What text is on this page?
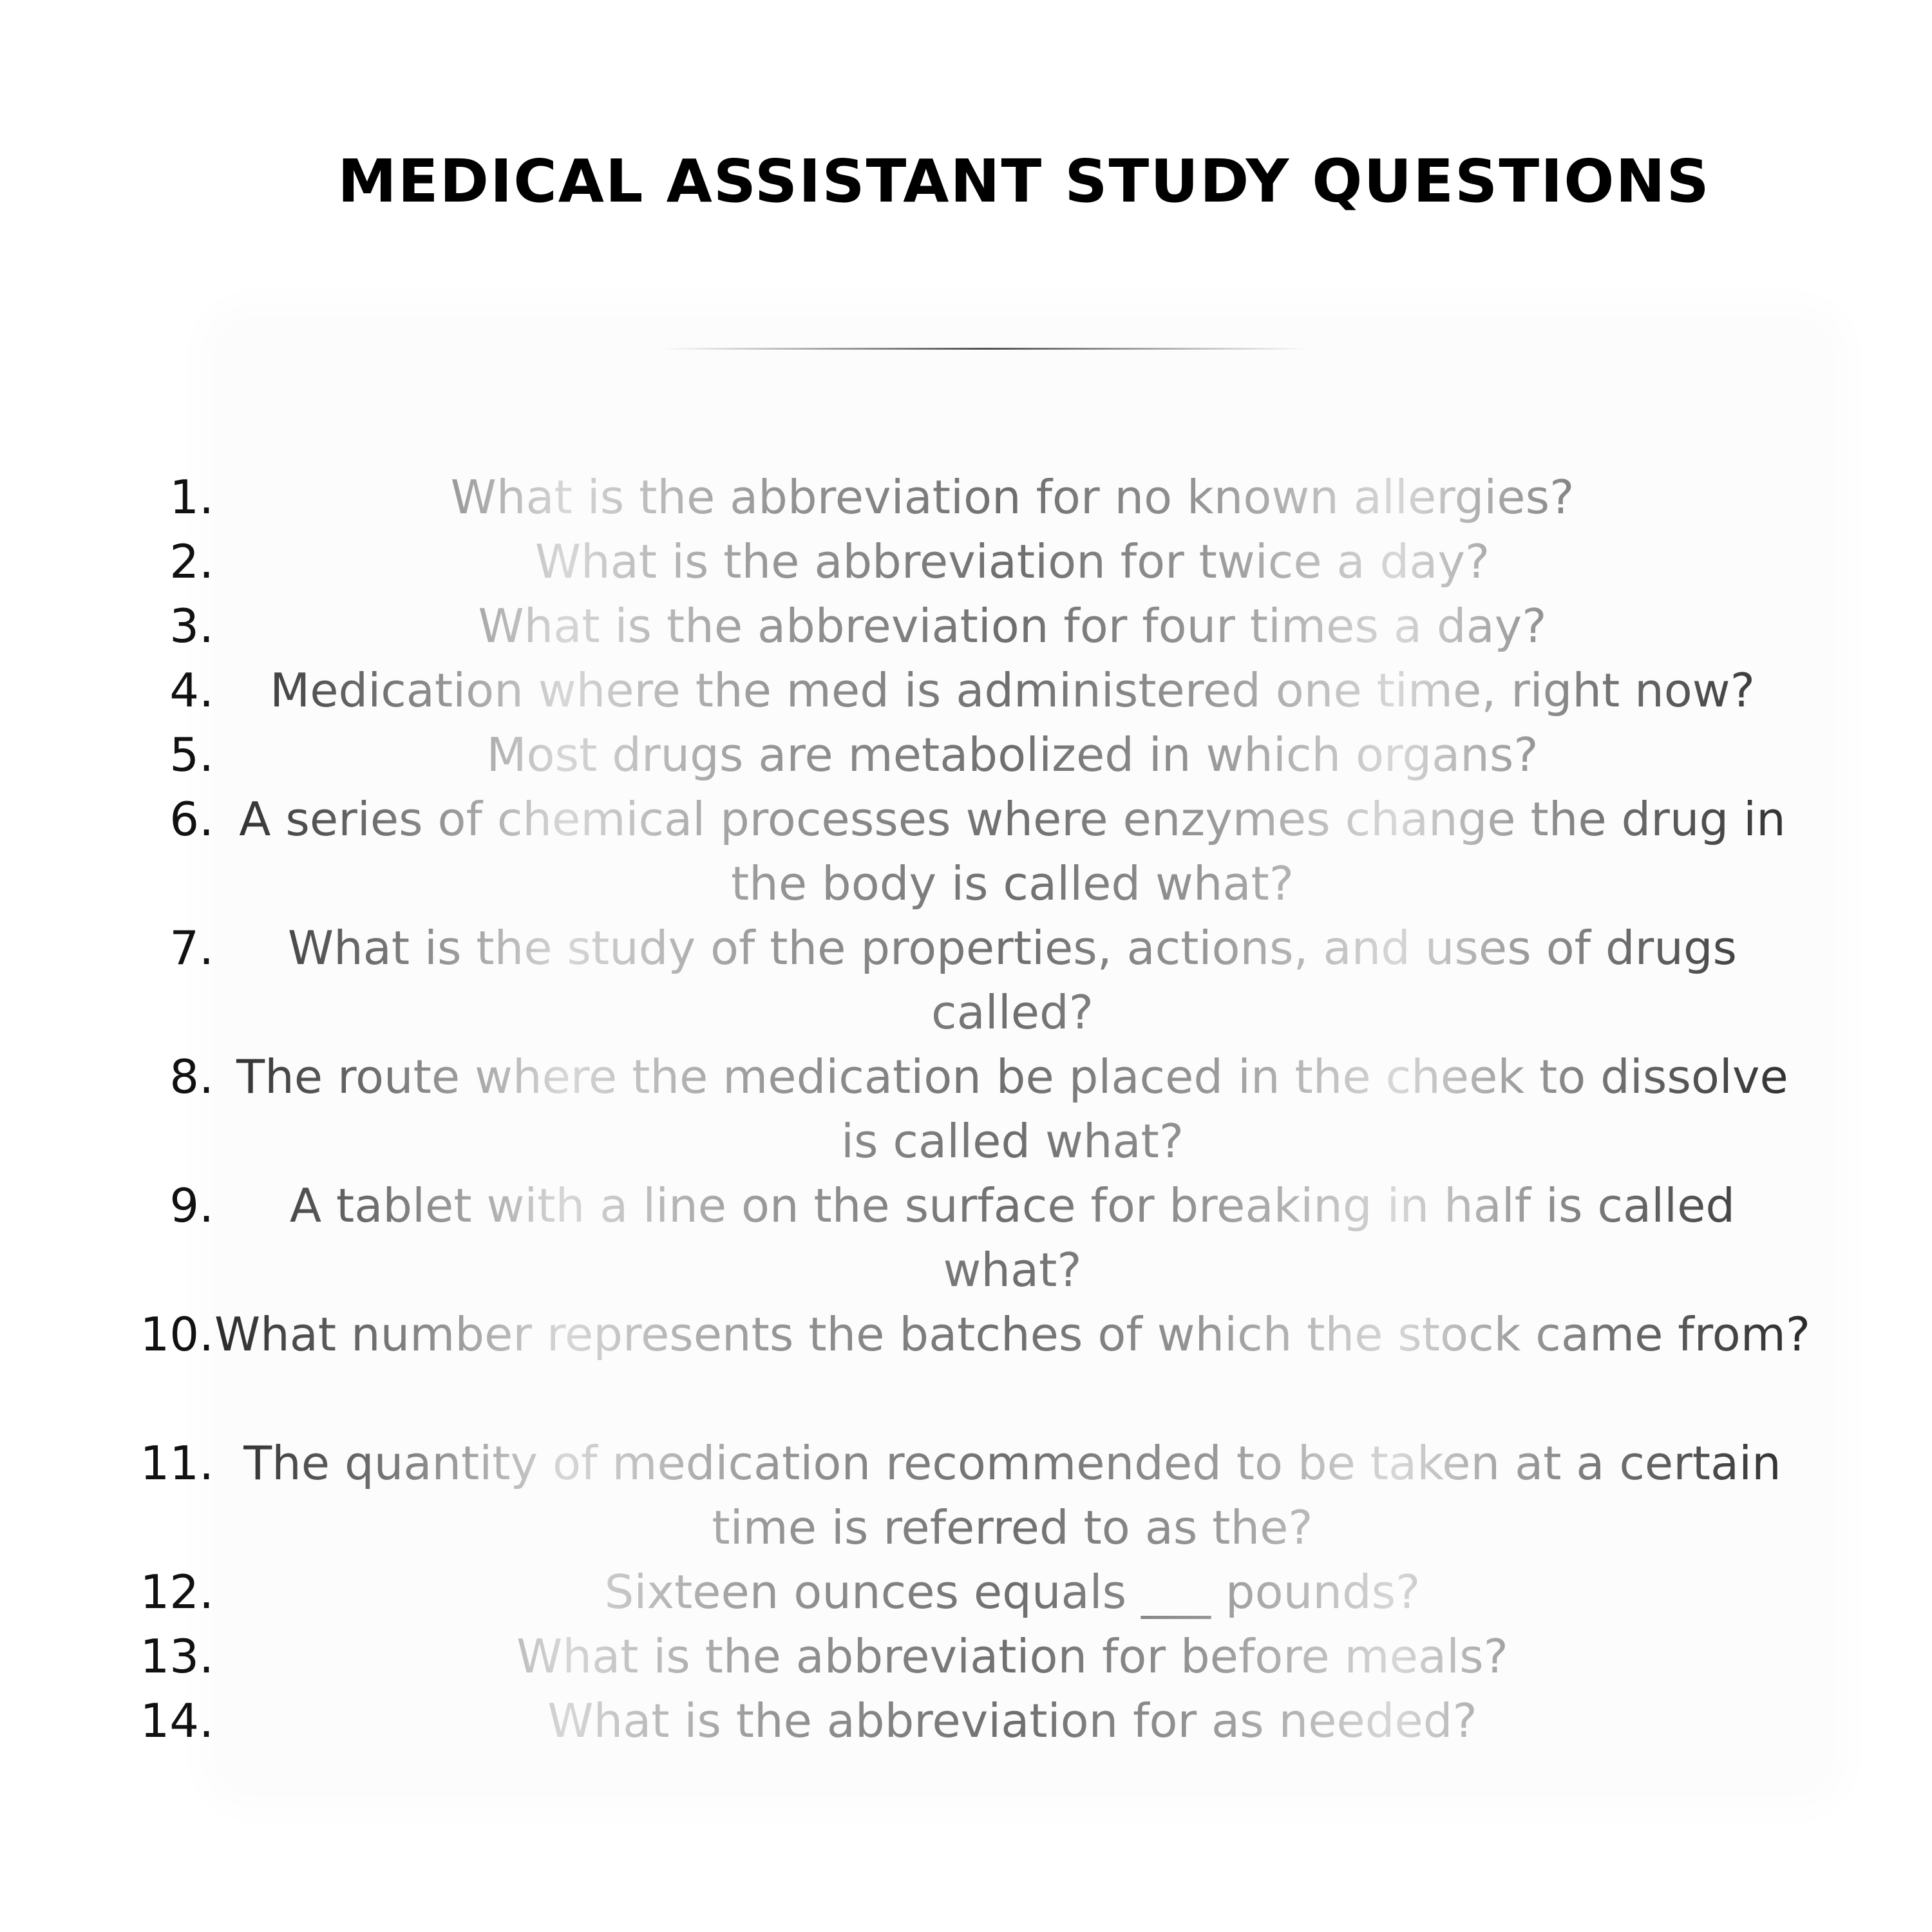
MEDICAL ASSISTANT STUDY QUESTIONS
1.	What is the abbreviation for no known allergies?
2.	What is the abbreviation for twice a day?
3.	What is the abbreviation for four times a day?
4.	Medication where the med is administered one time, right now?
5.	Most drugs are metabolized in which organs?
6. A series of chemical processes where enzymes change the drug in the body is called what?
7.	What is the study of the properties, actions, and uses of drugs called?
8. The route where the medication be placed in the cheek to dissolve is called what?
9.	A tablet with a line on the surface for breaking in half is called what?
10. What number represents the batches of which the stock came from?
11. The quantity of medication recommended to be taken at a certain time is referred to as the?
12.	Sixteen ounces equals ___ pounds?
13.	What is the abbreviation for before meals?
14.	What is the abbreviation for as needed?
